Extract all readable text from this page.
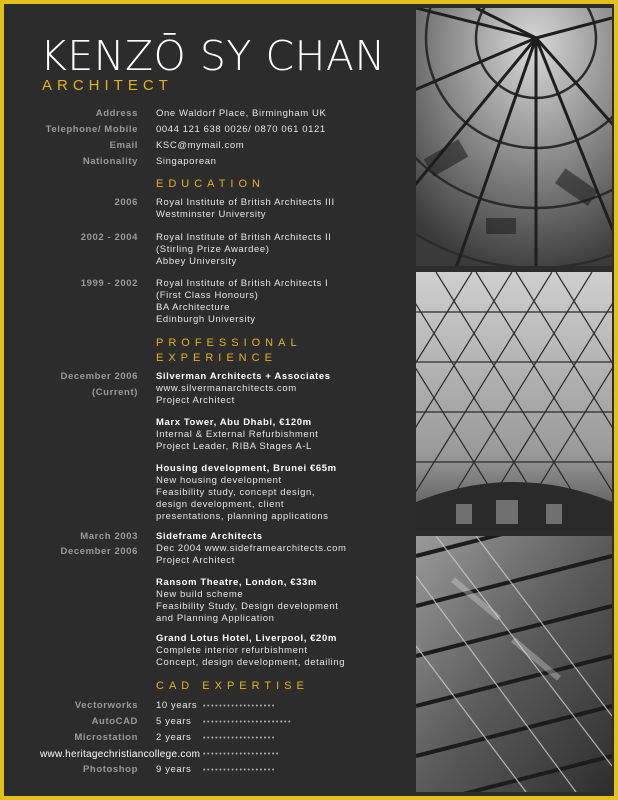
KENZŌ SY CHAN
ARCHITECT
Address One Waldorf Place, Birmingham UK
Telephone/ Mobile 0044 121 638 0026/ 0870 061 0121
Email KSC@mymail.com
Nationality Singaporean
EDUCATION
2006 Royal Institute of British Architects III
Westminster University
2002 - 2004 Royal Institute of British Architects II
(Stirling Prize Awardee)
Abbey University
1999 - 2002 Royal Institute of British Architects I
(First Class Honours)
BA Architecture
Edinburgh University
PROFESSIONAL
EXPERIENCE
December 2006
(Current)
Silverman Architects + Associates
www.silvermanarchitects.com
Project Architect
Marx Tower, Abu Dhabi, €120m
Internal & External Refurbishment
Project Leader, RIBA Stages A-L
Housing development, Brunei €65m
New housing development
Feasibility study, concept design,
design development, client
presentations, planning applications
March 2003
December 2006
Sideframe Architects
Dec 2004 www.sideframearchitects.com
Project Architect
Ransom Theatre, London, €33m
New build scheme
Feasibility Study, Design development
and Planning Application
Grand Lotus Hotel, Liverpool, €20m
Complete interior refurbishment
Concept, design development, detailing
CAD EXPERTISE
Vectorworks 10 years ••••••••••••••••••
AutoCAD 5 years ••••••••••••••••••••••
Microstation 2 years ••••••••••••••••••
•••••••••••••••••••
Photoshop 9 years ••••••••••••••••••
www.heritagechristiancollege.com
